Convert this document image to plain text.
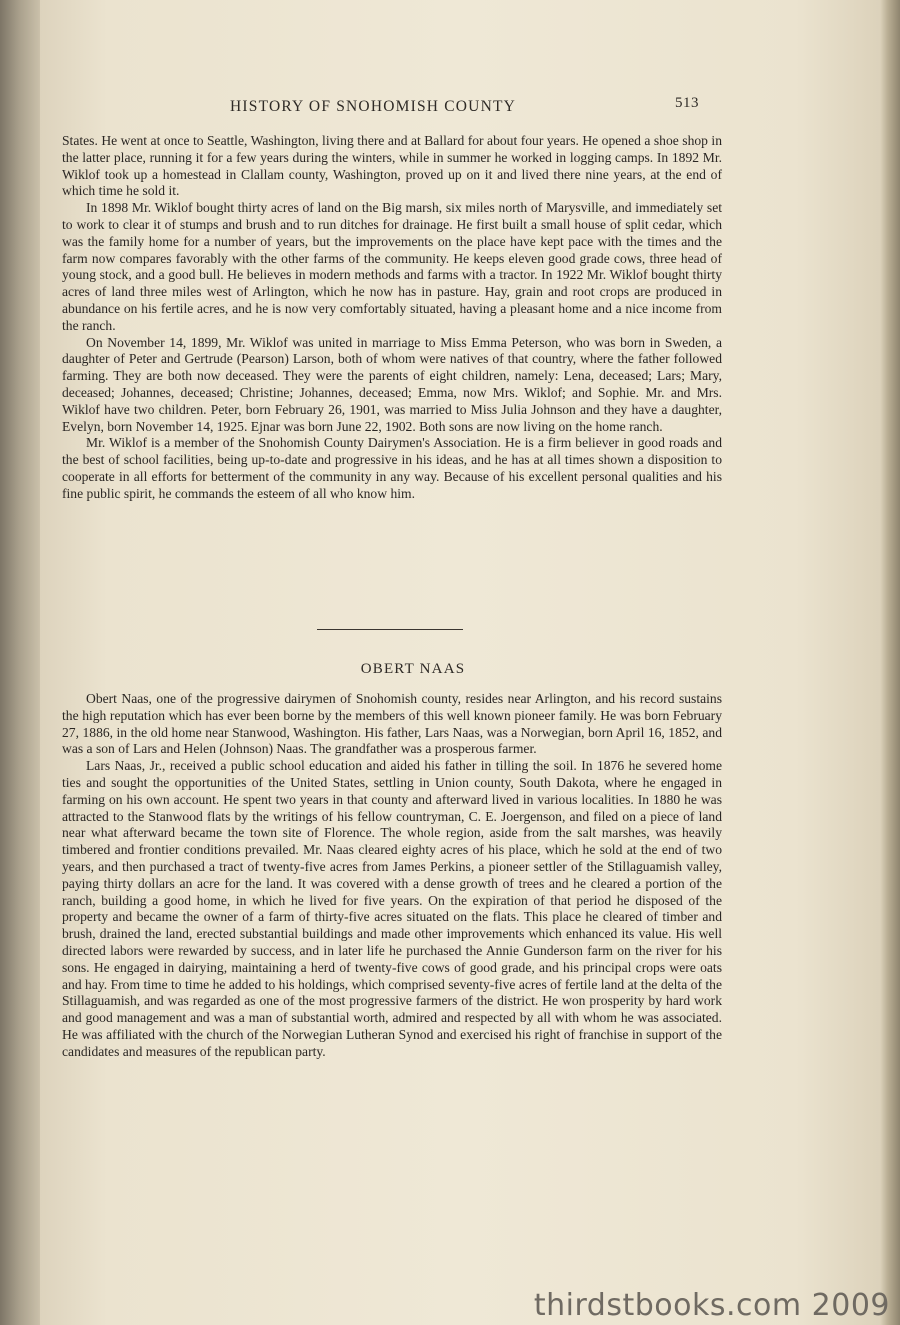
HISTORY OF SNOHOMISH COUNTY	513

States. He went at once to Seattle, Washington, living there and at Ballard for about four years. He opened a shoe shop in the latter place, running it for a few years during the winters, while in summer he worked in logging camps. In 1892 Mr. Wiklof took up a homestead in Clallam county, Washington, proved up on it and lived there nine years, at the end of which time he sold it.

In 1898 Mr. Wiklof bought thirty acres of land on the Big marsh, six miles north of Marysville, and immediately set to work to clear it of stumps and brush and to run ditches for drainage. He first built a small house of split cedar, which was the family home for a number of years, but the improvements on the place have kept pace with the times and the farm now compares favorably with the other farms of the community. He keeps eleven good grade cows, three head of young stock, and a good bull. He believes in modern methods and farms with a tractor. In 1922 Mr. Wiklof bought thirty acres of land three miles west of Arlington, which he now has in pasture. Hay, grain and root crops are produced in abundance on his fertile acres, and he is now very comfortably situated, having a pleasant home and a nice income from the ranch.

On November 14, 1899, Mr. Wiklof was united in marriage to Miss Emma Peterson, who was born in Sweden, a daughter of Peter and Gertrude (Pearson) Larson, both of whom were natives of that country, where the father followed farming. They are both now deceased. They were the parents of eight children, namely: Lena, deceased; Lars; Mary, deceased; Johannes, deceased; Christine; Johannes, deceased; Emma, now Mrs. Wiklof; and Sophie. Mr. and Mrs. Wiklof have two children. Peter, born February 26, 1901, was married to Miss Julia Johnson and they have a daughter, Evelyn, born November 14, 1925. Ejnar was born June 22, 1902. Both sons are now living on the home ranch.

Mr. Wiklof is a member of the Snohomish County Dairymen's Association. He is a firm believer in good roads and the best of school facilities, being up-to-date and progressive in his ideas, and he has at all times shown a disposition to cooperate in all efforts for betterment of the community in any way. Because of his excellent personal qualities and his fine public spirit, he commands the esteem of all who know him.

OBERT NAAS

Obert Naas, one of the progressive dairymen of Snohomish county, resides near Arlington, and his record sustains the high reputation which has ever been borne by the members of this well known pioneer family. He was born February 27, 1886, in the old home near Stanwood, Washington. His father, Lars Naas, was a Norwegian, born April 16, 1852, and was a son of Lars and Helen (Johnson) Naas. The grandfather was a prosperous farmer.

Lars Naas, Jr., received a public school education and aided his father in tilling the soil. In 1876 he severed home ties and sought the opportunities of the United States, settling in Union county, South Dakota, where he engaged in farming on his own account. He spent two years in that county and afterward lived in various localities. In 1880 he was attracted to the Stanwood flats by the writings of his fellow countryman, C. E. Joergenson, and filed on a piece of land near what afterward became the town site of Florence. The whole region, aside from the salt marshes, was heavily timbered and frontier conditions prevailed. Mr. Naas cleared eighty acres of his place, which he sold at the end of two years, and then purchased a tract of twenty-five acres from James Perkins, a pioneer settler of the Stillaguamish valley, paying thirty dollars an acre for the land. It was covered with a dense growth of trees and he cleared a portion of the ranch, building a good home, in which he lived for five years. On the expiration of that period he disposed of the property and became the owner of a farm of thirty-five acres situated on the flats. This place he cleared of timber and brush, drained the land, erected substantial buildings and made other improvements which enhanced its value. His well directed labors were rewarded by success, and in later life he purchased the Annie Gunderson farm on the river for his sons. He engaged in dairying, maintaining a herd of twenty-five cows of good grade, and his principal crops were oats and hay. From time to time he added to his holdings, which comprised seventy-five acres of fertile land at the delta of the Stillaguamish, and was regarded as one of the most progressive farmers of the district. He won prosperity by hard work and good management and was a man of substantial worth, admired and respected by all with whom he was associated. He was affiliated with the church of the Norwegian Lutheran Synod and exercised his right of franchise in support of the candidates and measures of the republican party.

thirdstbooks.com 2009
